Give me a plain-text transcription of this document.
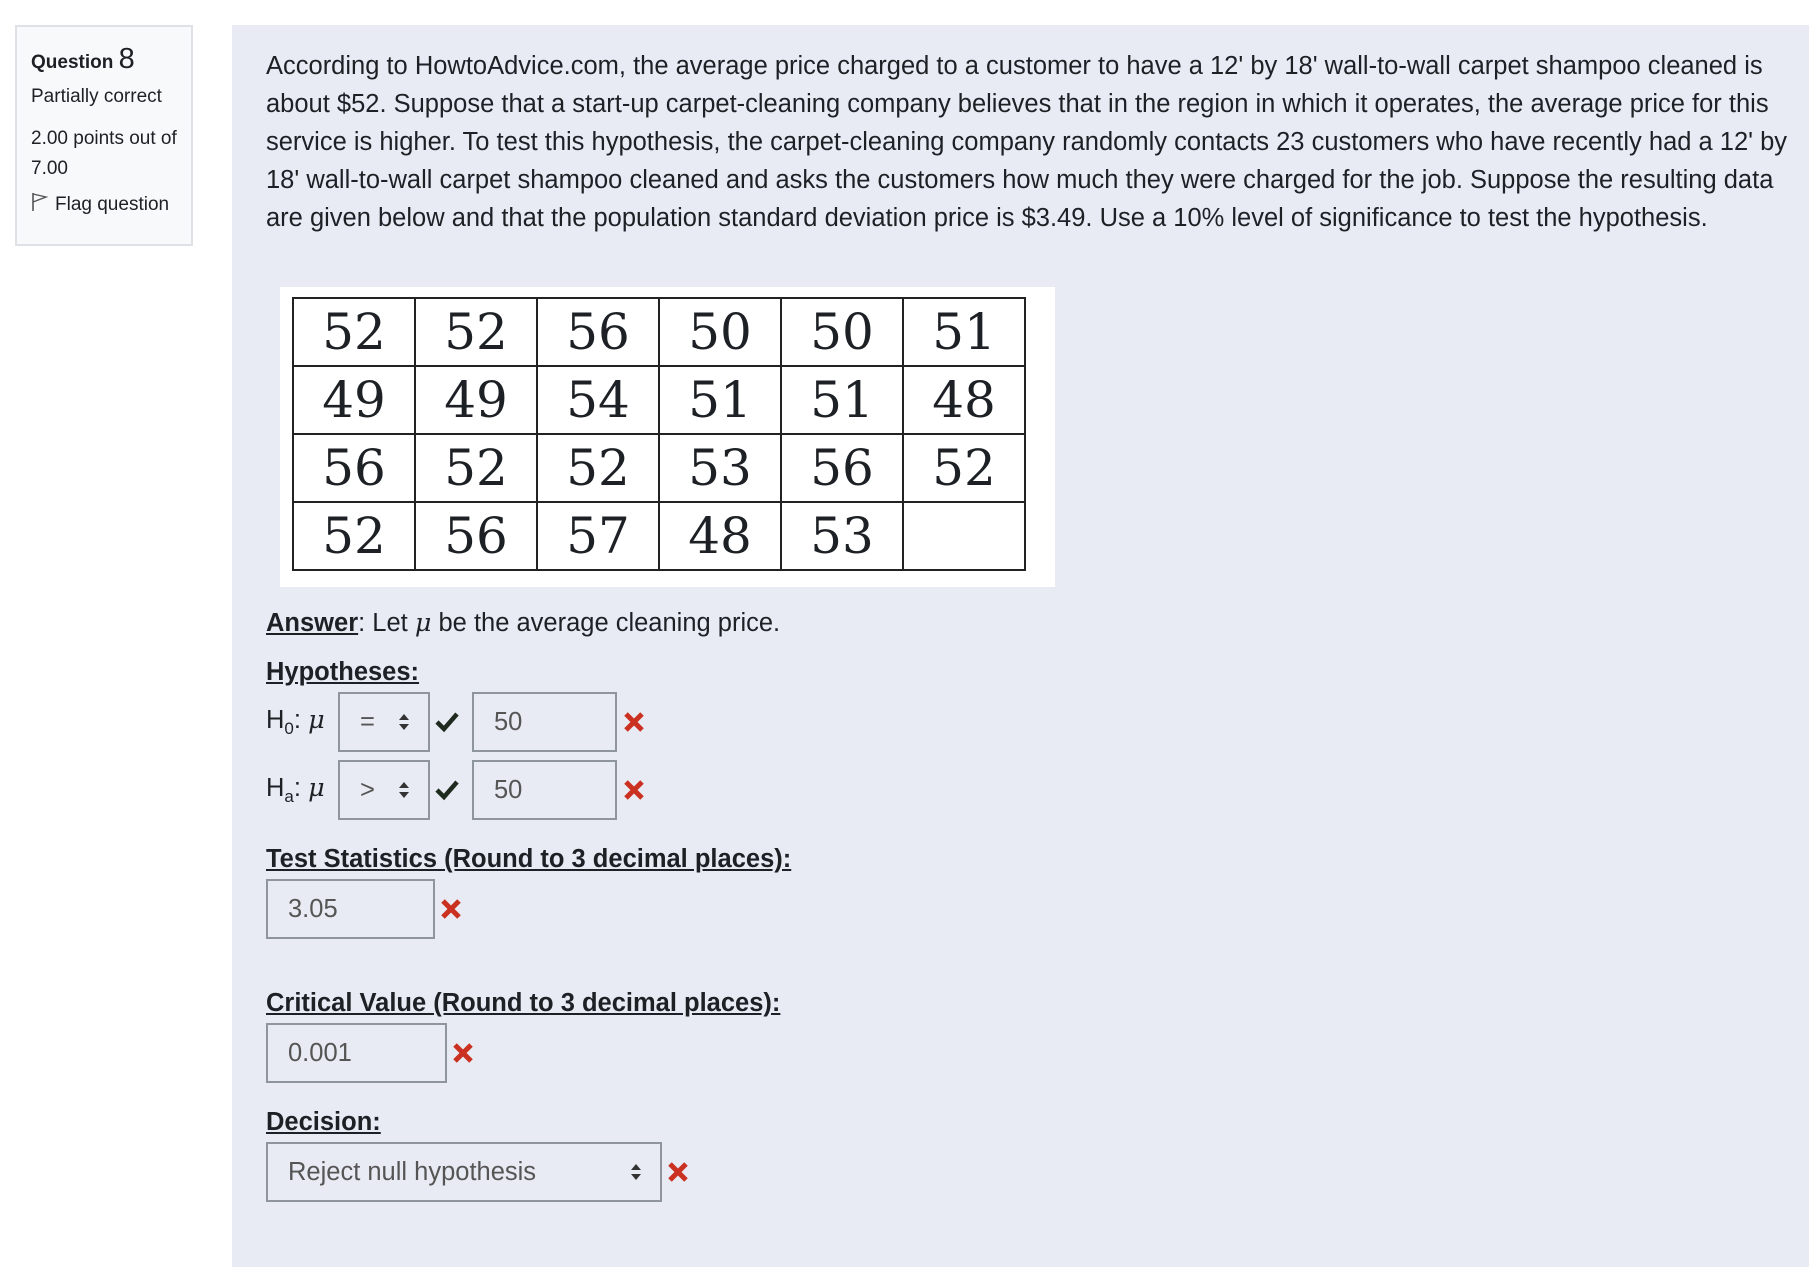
Question 8

Partially correct

2.00 points out of 7.00

Flag question

According to HowtoAdvice.com, the average price charged to a customer to have a 12' by 18' wall-to-wall carpet shampoo cleaned is about $52. Suppose that a start-up carpet-cleaning company believes that in the region in which it operates, the average price for this service is higher. To test this hypothesis, the carpet-cleaning company randomly contacts 23 customers who have recently had a 12' by 18' wall-to-wall carpet shampoo cleaned and asks the customers how much they were charged for the job. Suppose the resulting data are given below and that the population standard deviation price is $3.49. Use a 10% level of significance to test the hypothesis.

52	52	56	50	50	51
49	49	54	51	51	48
56	52	52	53	56	52
52	56	57	48	53	

Answer: Let μ be the average cleaning price.

Hypotheses:

$H_0$: μ	=	50
$H_a$: μ	>	50

Test Statistics (Round to 3 decimal places):

3.05

Critical Value (Round to 3 decimal places):

0.001

Decision:

Reject null hypothesis
